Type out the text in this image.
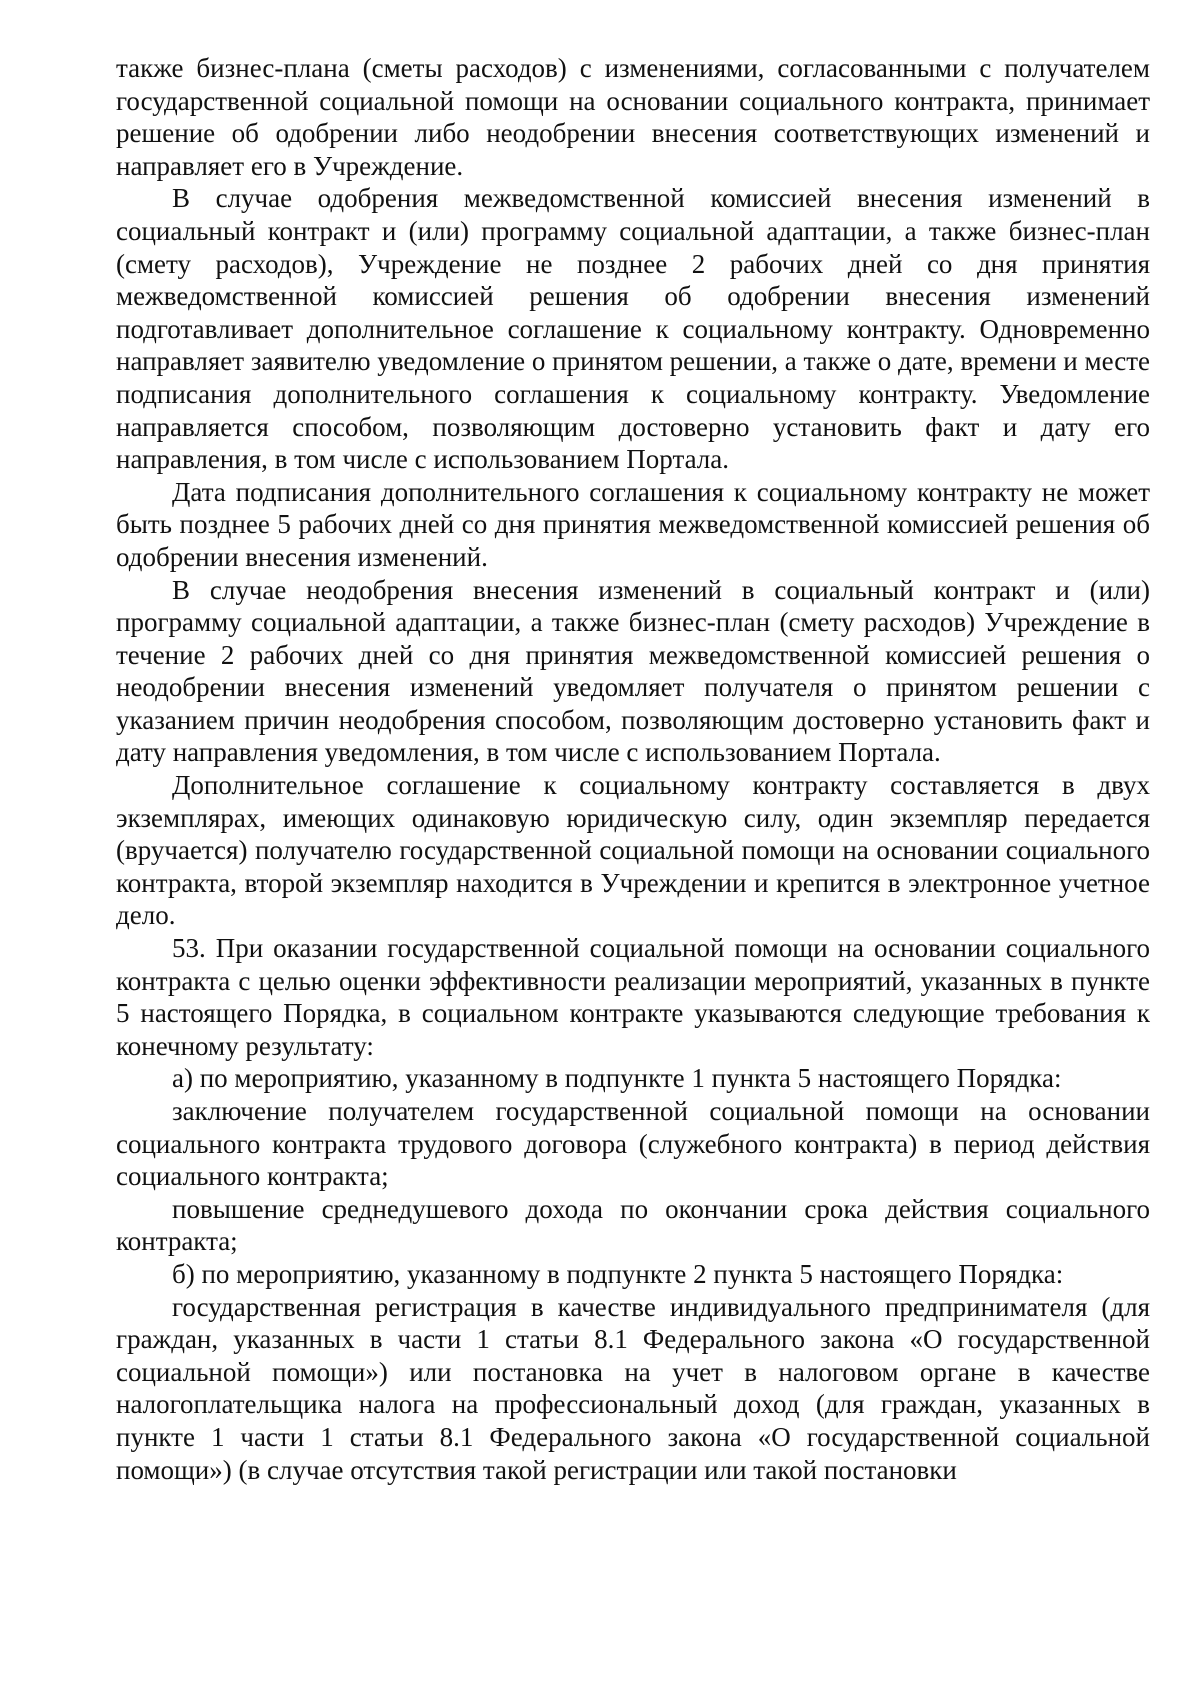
также бизнес-плана (сметы расходов) с изменениями, согласованными с получателем государственной социальной помощи на основании социального контракта, принимает решение об одобрении либо неодобрении внесения соответствующих изменений и направляет его в Учреждение.

В случае одобрения межведомственной комиссией внесения изменений в социальный контракт и (или) программу социальной адаптации, а также бизнес-план (смету расходов), Учреждение не позднее 2 рабочих дней со дня принятия межведомственной комиссией решения об одобрении внесения изменений подготавливает дополнительное соглашение к социальному контракту. Одновременно направляет заявителю уведомление о принятом решении, а также о дате, времени и месте подписания дополнительного соглашения к социальному контракту. Уведомление направляется способом, позволяющим достоверно установить факт и дату его направления, в том числе с использованием Портала.

Дата подписания дополнительного соглашения к социальному контракту не может быть позднее 5 рабочих дней со дня принятия межведомственной комиссией решения об одобрении внесения изменений.

В случае неодобрения внесения изменений в социальный контракт и (или) программу социальной адаптации, а также бизнес-план (смету расходов) Учреждение в течение 2 рабочих дней со дня принятия межведомственной комиссией решения о неодобрении внесения изменений уведомляет получателя о принятом решении с указанием причин неодобрения способом, позволяющим достоверно установить факт и дату направления уведомления, в том числе с использованием Портала.

Дополнительное соглашение к социальному контракту составляется в двух экземплярах, имеющих одинаковую юридическую силу, один экземпляр передается (вручается) получателю государственной социальной помощи на основании социального контракта, второй экземпляр находится в Учреждении и крепится в электронное учетное дело.

53. При оказании государственной социальной помощи на основании социального контракта с целью оценки эффективности реализации мероприятий, указанных в пункте 5 настоящего Порядка, в социальном контракте указываются следующие требования к конечному результату:

а) по мероприятию, указанному в подпункте 1 пункта 5 настоящего Порядка:

заключение получателем государственной социальной помощи на основании социального контракта трудового договора (служебного контракта) в период действия социального контракта;

повышение среднедушевого дохода по окончании срока действия социального контракта;

б) по мероприятию, указанному в подпункте 2 пункта 5 настоящего Порядка:

государственная регистрация в качестве индивидуального предпринимателя (для граждан, указанных в части 1 статьи 8.1 Федерального закона «О государственной социальной помощи») или постановка на учет в налоговом органе в качестве налогоплательщика налога на профессиональный доход (для граждан, указанных в пункте 1 части 1 статьи 8.1 Федерального закона «О государственной социальной помощи») (в случае отсутствия такой регистрации или такой постановки
